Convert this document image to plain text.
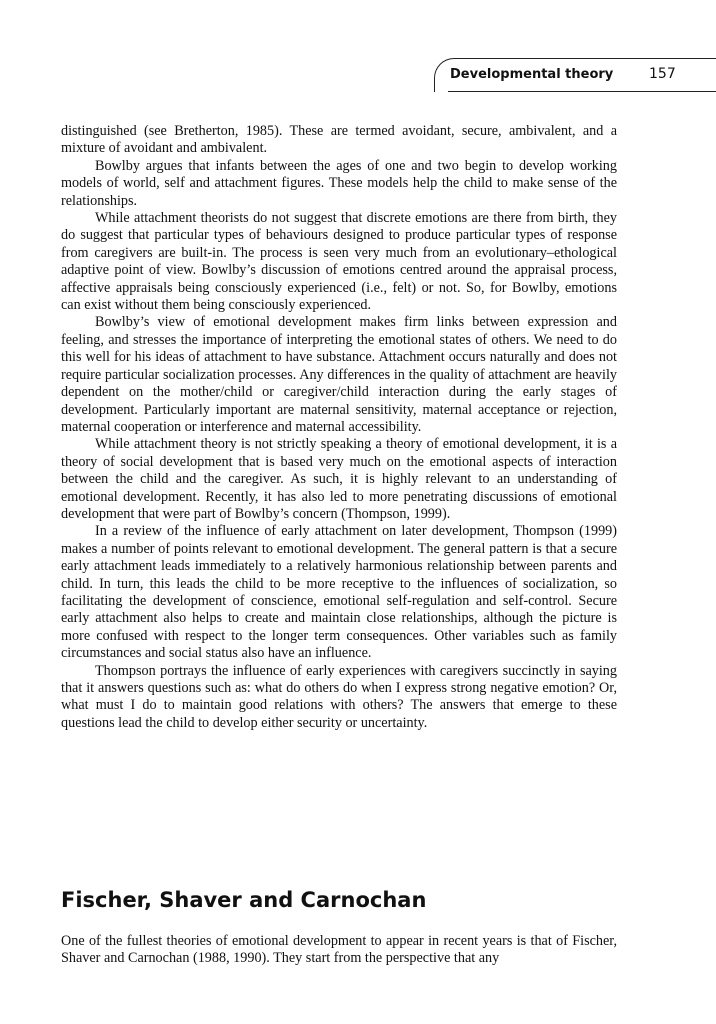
Developmental theory	157

distinguished (see Bretherton, 1985). These are termed avoidant, secure, ambivalent, and a mixture of avoidant and ambivalent.

Bowlby argues that infants between the ages of one and two begin to develop working models of world, self and attachment figures. These models help the child to make sense of the relationships.

While attachment theorists do not suggest that discrete emotions are there from birth, they do suggest that particular types of behaviours designed to produce particular types of response from caregivers are built-in. The process is seen very much from an evolutionary–ethological adaptive point of view. Bowlby’s discussion of emotions centred around the appraisal process, affective appraisals being consciously experienced (i.e., felt) or not. So, for Bowlby, emotions can exist without them being consciously experienced.

Bowlby’s view of emotional development makes firm links between expression and feeling, and stresses the importance of interpreting the emotional states of others. We need to do this well for his ideas of attachment to have substance. Attachment occurs naturally and does not require particular socialization processes. Any differences in the quality of attachment are heavily dependent on the mother/child or caregiver/child interaction during the early stages of development. Particularly important are maternal sensitivity, maternal acceptance or rejection, maternal cooperation or interference and maternal accessibility.

While attachment theory is not strictly speaking a theory of emotional development, it is a theory of social development that is based very much on the emotional aspects of interaction between the child and the caregiver. As such, it is highly relevant to an understanding of emotional development. Recently, it has also led to more penetrating discussions of emotional development that were part of Bowlby’s concern (Thompson, 1999).

In a review of the influence of early attachment on later development, Thompson (1999) makes a number of points relevant to emotional development. The general pattern is that a secure early attachment leads immediately to a relatively harmonious relationship between parents and child. In turn, this leads the child to be more receptive to the influences of socialization, so facilitating the development of conscience, emotional self-regulation and self-control. Secure early attachment also helps to create and maintain close relationships, although the picture is more confused with respect to the longer term consequences. Other variables such as family circumstances and social status also have an influence.

Thompson portrays the influence of early experiences with caregivers succinctly in saying that it answers questions such as: what do others do when I express strong negative emotion? Or, what must I do to maintain good relations with others? The answers that emerge to these questions lead the child to develop either security or uncertainty.

Fischer, Shaver and Carnochan

One of the fullest theories of emotional development to appear in recent years is that of Fischer, Shaver and Carnochan (1988, 1990). They start from the perspective that any
